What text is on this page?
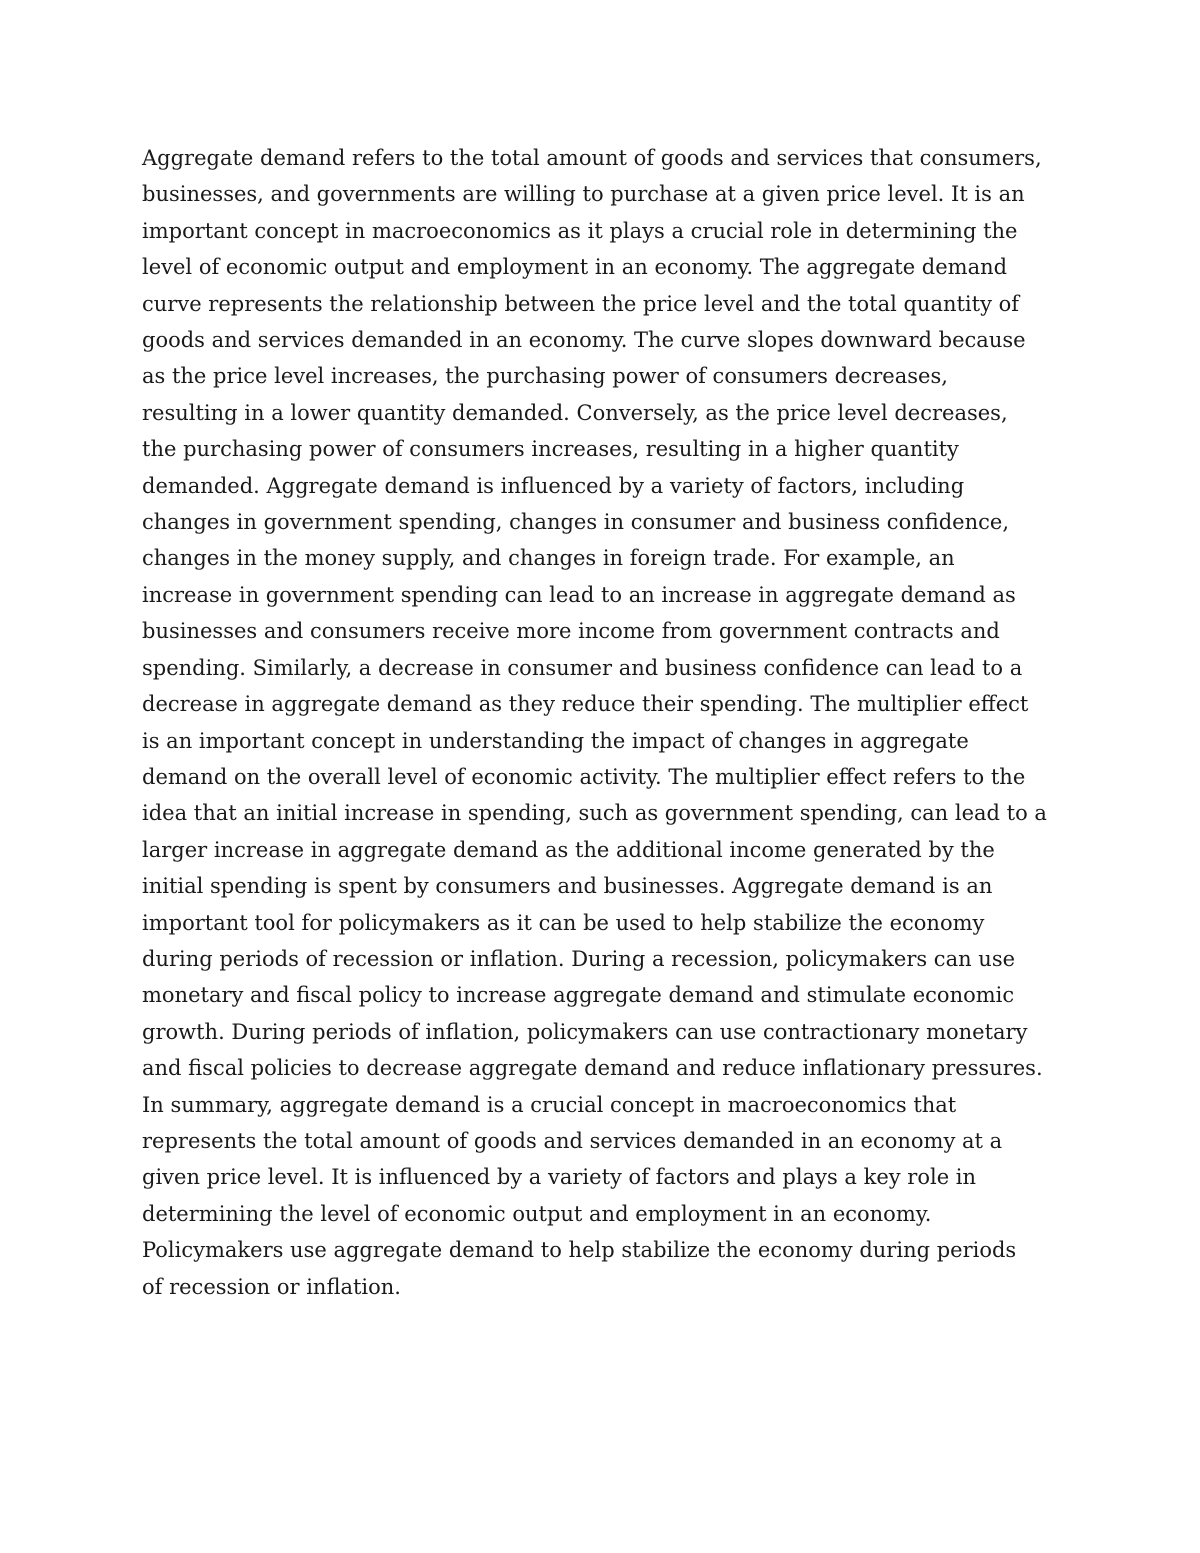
Aggregate demand refers to the total amount of goods and services that consumers,
businesses, and governments are willing to purchase at a given price level. It is an
important concept in macroeconomics as it plays a crucial role in determining the
level of economic output and employment in an economy. The aggregate demand
curve represents the relationship between the price level and the total quantity of
goods and services demanded in an economy. The curve slopes downward because
as the price level increases, the purchasing power of consumers decreases,
resulting in a lower quantity demanded. Conversely, as the price level decreases,
the purchasing power of consumers increases, resulting in a higher quantity
demanded. Aggregate demand is influenced by a variety of factors, including
changes in government spending, changes in consumer and business confidence,
changes in the money supply, and changes in foreign trade. For example, an
increase in government spending can lead to an increase in aggregate demand as
businesses and consumers receive more income from government contracts and
spending. Similarly, a decrease in consumer and business confidence can lead to a
decrease in aggregate demand as they reduce their spending. The multiplier effect
is an important concept in understanding the impact of changes in aggregate
demand on the overall level of economic activity. The multiplier effect refers to the
idea that an initial increase in spending, such as government spending, can lead to a
larger increase in aggregate demand as the additional income generated by the
initial spending is spent by consumers and businesses. Aggregate demand is an
important tool for policymakers as it can be used to help stabilize the economy
during periods of recession or inflation. During a recession, policymakers can use
monetary and fiscal policy to increase aggregate demand and stimulate economic
growth. During periods of inflation, policymakers can use contractionary monetary
and fiscal policies to decrease aggregate demand and reduce inflationary pressures.
In summary, aggregate demand is a crucial concept in macroeconomics that
represents the total amount of goods and services demanded in an economy at a
given price level. It is influenced by a variety of factors and plays a key role in
determining the level of economic output and employment in an economy.
Policymakers use aggregate demand to help stabilize the economy during periods
of recession or inflation.
